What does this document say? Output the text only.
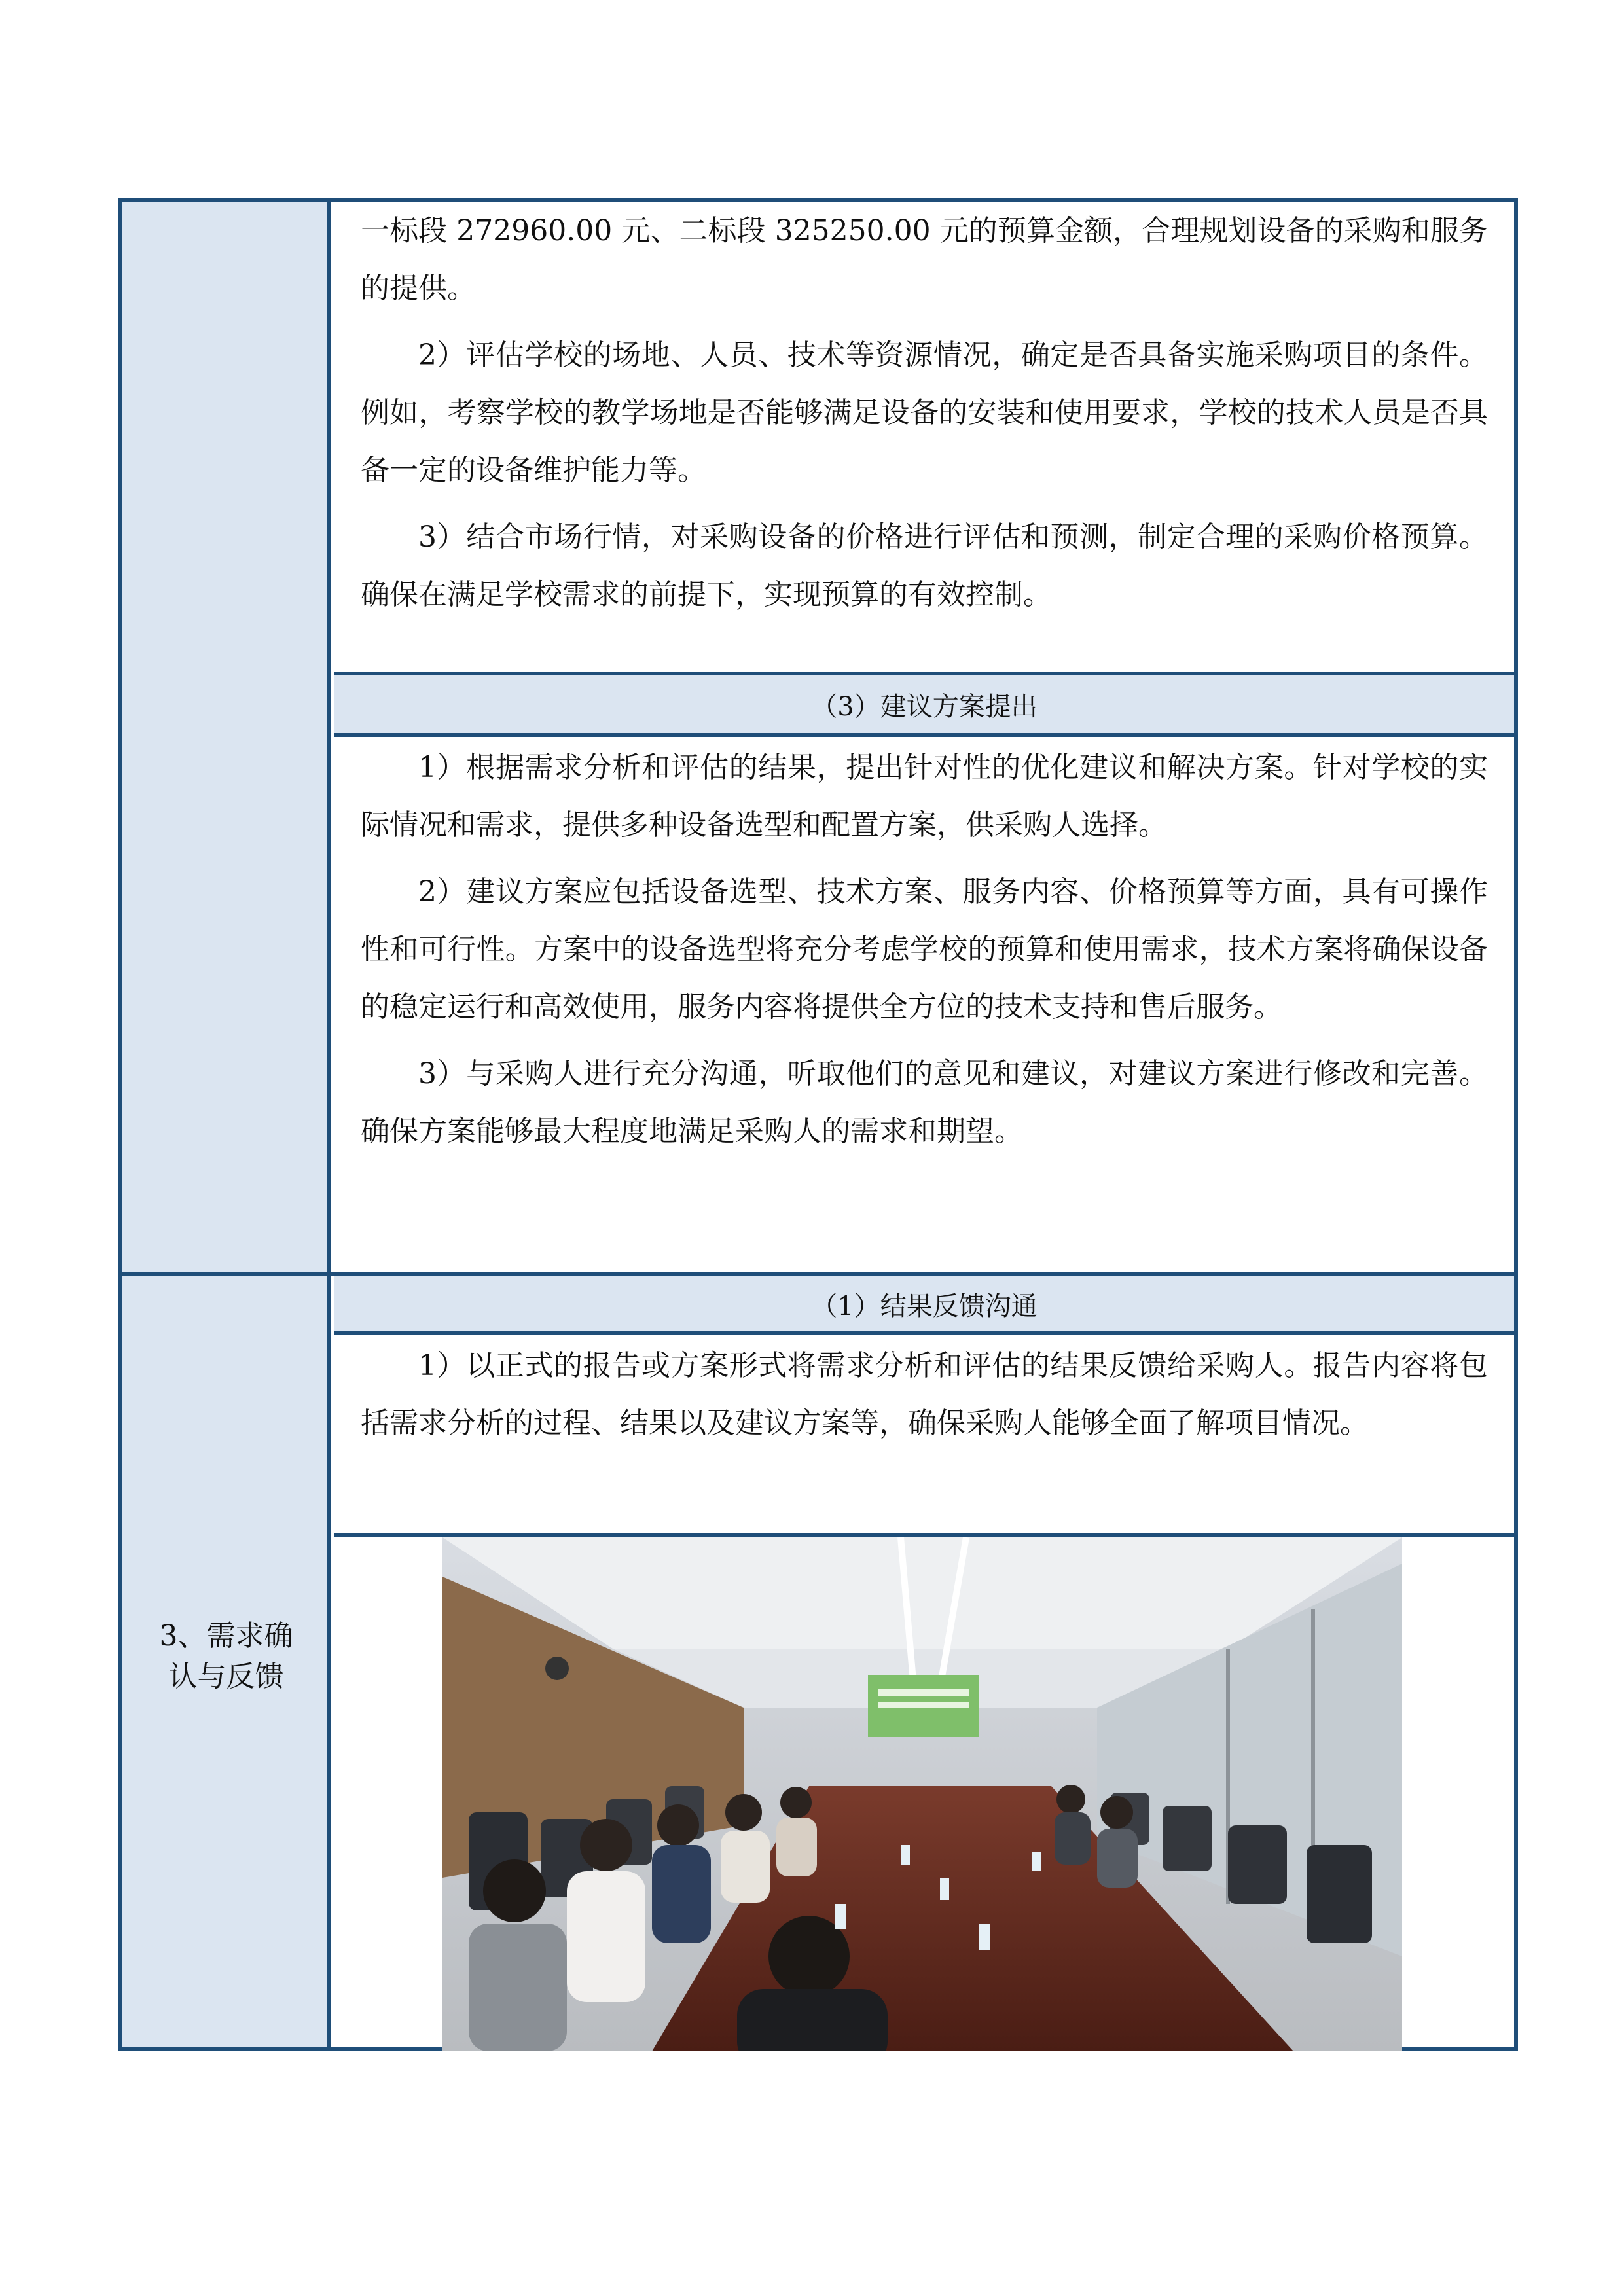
一标段 272960.00 元、二标段 325250.00 元的预算金额，合理规划设备的采购和服务的提供。

2）评估学校的场地、人员、技术等资源情况，确定是否具备实施采购项目的条件。例如，考察学校的教学场地是否能够满足设备的安装和使用要求，学校的技术人员是否具备一定的设备维护能力等。

3）结合市场行情，对采购设备的价格进行评估和预测，制定合理的采购价格预算。确保在满足学校需求的前提下，实现预算的有效控制。

（3）建议方案提出

1）根据需求分析和评估的结果，提出针对性的优化建议和解决方案。针对学校的实际情况和需求，提供多种设备选型和配置方案，供采购人选择。

2）建议方案应包括设备选型、技术方案、服务内容、价格预算等方面，具有可操作性和可行性。方案中的设备选型将充分考虑学校的预算和使用需求，技术方案将确保设备的稳定运行和高效使用，服务内容将提供全方位的技术支持和售后服务。

3）与采购人进行充分沟通，听取他们的意见和建议，对建议方案进行修改和完善。确保方案能够最大程度地满足采购人的需求和期望。

3、需求确
认与反馈
（1）结果反馈沟通

1）以正式的报告或方案形式将需求分析和评估的结果反馈给采购人。报告内容将包括需求分析的过程、结果以及建议方案等，确保采购人能够全面了解项目情况。
